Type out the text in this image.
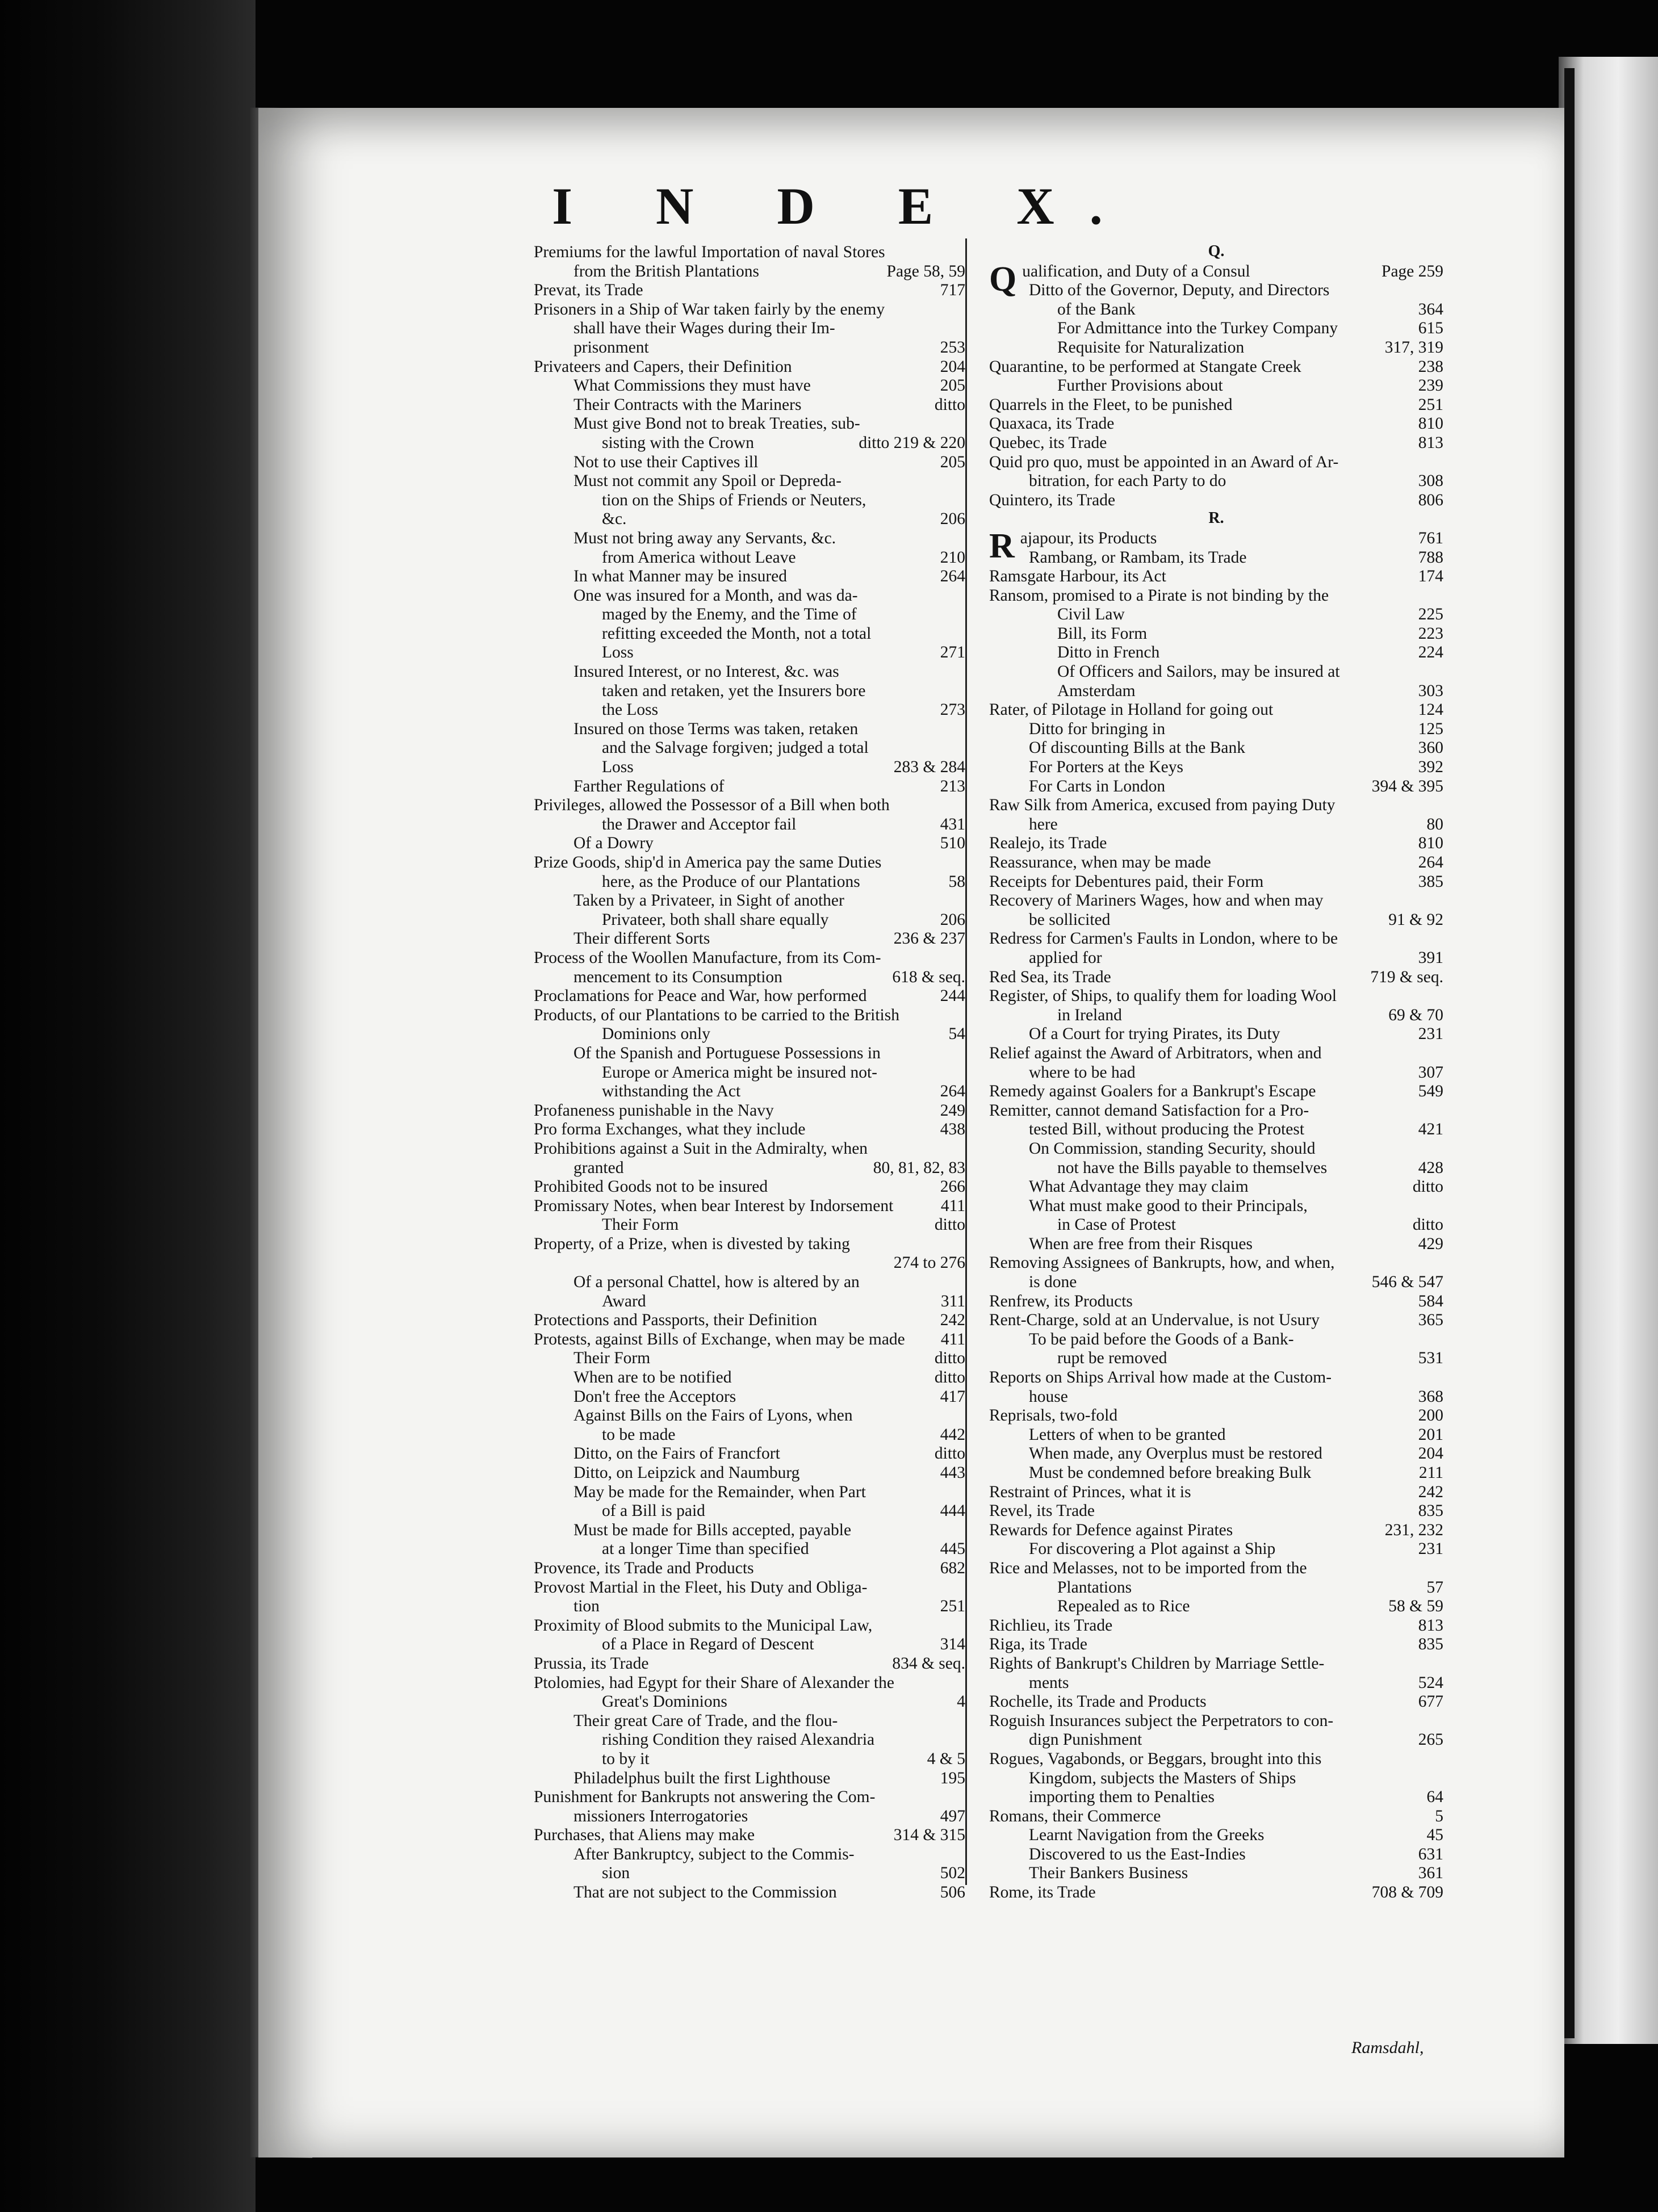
I N D E X.
Premiums for the lawful Importation of naval Stores
from the British Plantations	Page 58, 59
Prevat, its Trade	717
Prisoners in a Ship of War taken fairly by the enemy
shall have their Wages during their Im-
prisonment	253
Privateers and Capers, their Definition	204
What Commissions they must have	205
Their Contracts with the Mariners	ditto
Must give Bond not to break Treaties, sub-
sisting with the Crown	ditto 219 & 220
Not to use their Captives ill	205
Must not commit any Spoil or Depreda-
tion on the Ships of Friends or Neuters,
&c.	206
Must not bring away any Servants, &c.
from America without Leave	210
In what Manner may be insured	264
One was insured for a Month, and was da-
maged by the Enemy, and the Time of
refitting exceeded the Month, not a total
Loss	271
Insured Interest, or no Interest, &c. was
taken and retaken, yet the Insurers bore
the Loss	273
Insured on those Terms was taken, retaken
and the Salvage forgiven; judged a total
Loss	283 & 284
Farther Regulations of	213
Privileges, allowed the Possessor of a Bill when both
the Drawer and Acceptor fail	431
Of a Dowry	510
Prize Goods, ship'd in America pay the same Duties
here, as the Produce of our Plantations	58
Taken by a Privateer, in Sight of another
Privateer, both shall share equally	206
Their different Sorts	236 & 237
Process of the Woollen Manufacture, from its Com-
mencement to its Consumption	618 & seq.
Proclamations for Peace and War, how performed	244
Products, of our Plantations to be carried to the British
Dominions only	54
Of the Spanish and Portuguese Possessions in
Europe or America might be insured not-
withstanding the Act	264
Profaneness punishable in the Navy	249
Pro forma Exchanges, what they include	438
Prohibitions against a Suit in the Admiralty, when
granted	80, 81, 82, 83
Prohibited Goods not to be insured	266
Promissary Notes, when bear Interest by Indorsement	411
Their Form	ditto
Property, of a Prize, when is divested by taking
274 to 276
Of a personal Chattel, how is altered by an
Award	311
Protections and Passports, their Definition	242
Protests, against Bills of Exchange, when may be made	411
Their Form	ditto
When are to be notified	ditto
Don't free the Acceptors	417
Against Bills on the Fairs of Lyons, when
to be made	442
Ditto, on the Fairs of Francfort	ditto
Ditto, on Leipzick and Naumburg	443
May be made for the Remainder, when Part
of a Bill is paid	444
Must be made for Bills accepted, payable
at a longer Time than specified	445
Provence, its Trade and Products	682
Provost Martial in the Fleet, his Duty and Obliga-
tion	251
Proximity of Blood submits to the Municipal Law,
of a Place in Regard of Descent	314
Prussia, its Trade	834 & seq.
Ptolomies, had Egypt for their Share of Alexander the
Great's Dominions	4
Their great Care of Trade, and the flou-
rishing Condition they raised Alexandria
to by it	4 & 5
Philadelphus built the first Lighthouse	195
Punishment for Bankrupts not answering the Com-
missioners Interrogatories	497
Purchases, that Aliens may make	314 & 315
After Bankruptcy, subject to the Commis-
sion	502
That are not subject to the Commission	506
Q.
Qualification, and Duty of a Consul	Page 259
Ditto of the Governor, Deputy, and Directors
of the Bank	364
For Admittance into the Turkey Company	615
Requisite for Naturalization	317, 319
Quarantine, to be performed at Stangate Creek	238
Further Provisions about	239
Quarrels in the Fleet, to be punished	251
Quaxaca, its Trade	810
Quebec, its Trade	813
Quid pro quo, must be appointed in an Award of Ar-
bitration, for each Party to do	308
Quintero, its Trade	806
R.
Rajapour, its Products	761
Rambang, or Rambam, its Trade	788
Ramsgate Harbour, its Act	174
Ransom, promised to a Pirate is not binding by the
Civil Law	225
Bill, its Form	223
Ditto in French	224
Of Officers and Sailors, may be insured at
Amsterdam	303
Rater, of Pilotage in Holland for going out	124
Ditto for bringing in	125
Of discounting Bills at the Bank	360
For Porters at the Keys	392
For Carts in London	394 & 395
Raw Silk from America, excused from paying Duty
here	80
Realejo, its Trade	810
Reassurance, when may be made	264
Receipts for Debentures paid, their Form	385
Recovery of Mariners Wages, how and when may
be sollicited	91 & 92
Redress for Carmen's Faults in London, where to be
applied for	391
Red Sea, its Trade	719 & seq.
Register, of Ships, to qualify them for loading Wool
in Ireland	69 & 70
Of a Court for trying Pirates, its Duty	231
Relief against the Award of Arbitrators, when and
where to be had	307
Remedy against Goalers for a Bankrupt's Escape	549
Remitter, cannot demand Satisfaction for a Pro-
tested Bill, without producing the Protest	421
On Commission, standing Security, should
not have the Bills payable to themselves	428
What Advantage they may claim	ditto
What must make good to their Principals,
in Case of Protest	ditto
When are free from their Risques	429
Removing Assignees of Bankrupts, how, and when,
is done	546 & 547
Renfrew, its Products	584
Rent-Charge, sold at an Undervalue, is not Usury	365
To be paid before the Goods of a Bank-
rupt be removed	531
Reports on Ships Arrival how made at the Custom-
house	368
Reprisals, two-fold	200
Letters of when to be granted	201
When made, any Overplus must be restored	204
Must be condemned before breaking Bulk	211
Restraint of Princes, what it is	242
Revel, its Trade	835
Rewards for Defence against Pirates	231, 232
For discovering a Plot against a Ship	231
Rice and Melasses, not to be imported from the
Plantations	57
Repealed as to Rice	58 & 59
Richlieu, its Trade	813
Riga, its Trade	835
Rights of Bankrupt's Children by Marriage Settle-
ments	524
Rochelle, its Trade and Products	677
Roguish Insurances subject the Perpetrators to con-
dign Punishment	265
Rogues, Vagabonds, or Beggars, brought into this
Kingdom, subjects the Masters of Ships
importing them to Penalties	64
Romans, their Commerce	5
Learnt Navigation from the Greeks	45
Discovered to us the East-Indies	631
Their Bankers Business	361
Rome, its Trade	708 & 709
Ramsdahl,
